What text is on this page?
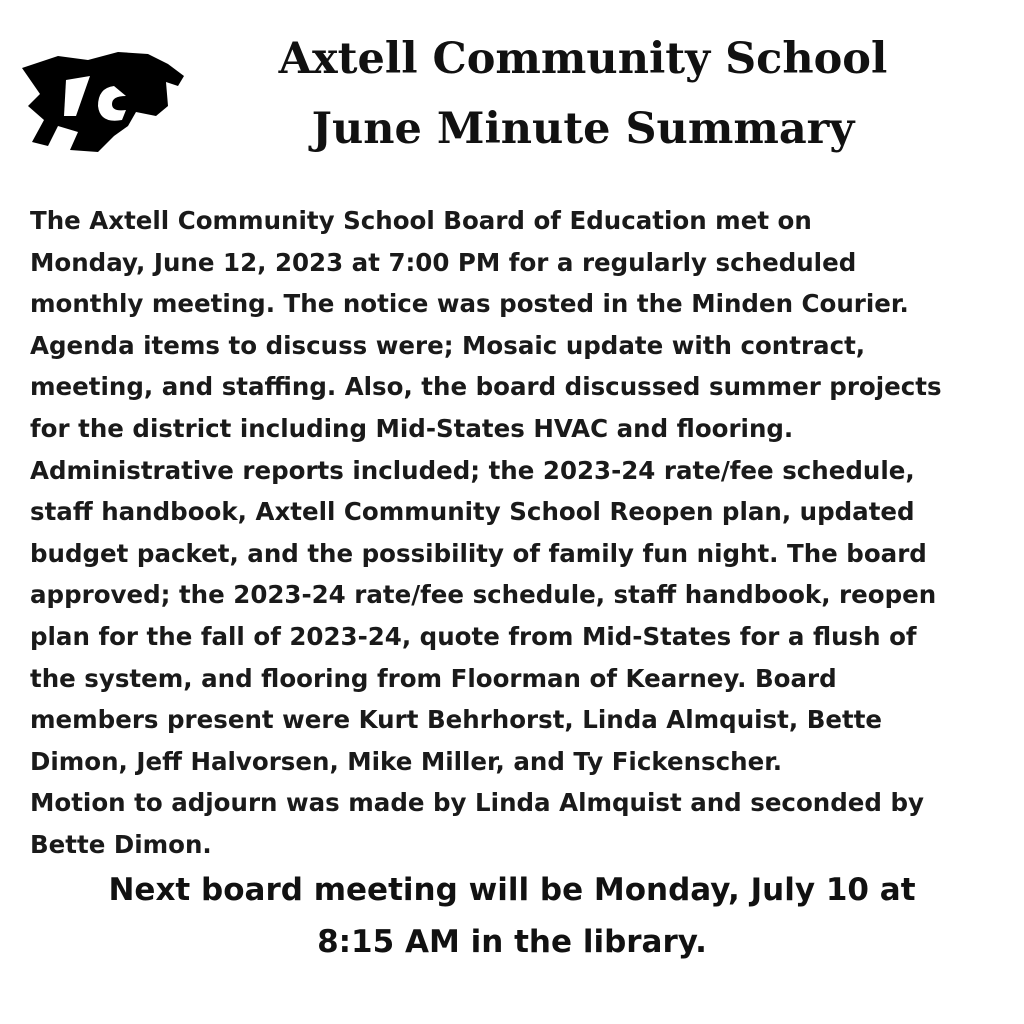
Axtell Community School
June Minute Summary
The Axtell Community School Board of Education met on
Monday, June 12, 2023 at 7:00 PM for a regularly scheduled
monthly meeting. The notice was posted in the Minden Courier.
Agenda items to discuss were; Mosaic update with contract,
meeting, and staffing. Also, the board discussed summer projects
for the district including Mid-States HVAC and flooring.
Administrative reports included; the 2023-24 rate/fee schedule,
staff handbook, Axtell Community School Reopen plan, updated
budget packet, and the possibility of family fun night. The board
approved; the 2023-24 rate/fee schedule, staff handbook, reopen
plan for the fall of 2023-24, quote from Mid-States for a flush of
the system, and flooring from Floorman of Kearney. Board
members present were Kurt Behrhorst, Linda Almquist, Bette
Dimon, Jeff Halvorsen, Mike Miller, and Ty Fickenscher.
Motion to adjourn was made by Linda Almquist and seconded by
Bette Dimon.
Next board meeting will be Monday, July 10 at
8:15 AM in the library.
